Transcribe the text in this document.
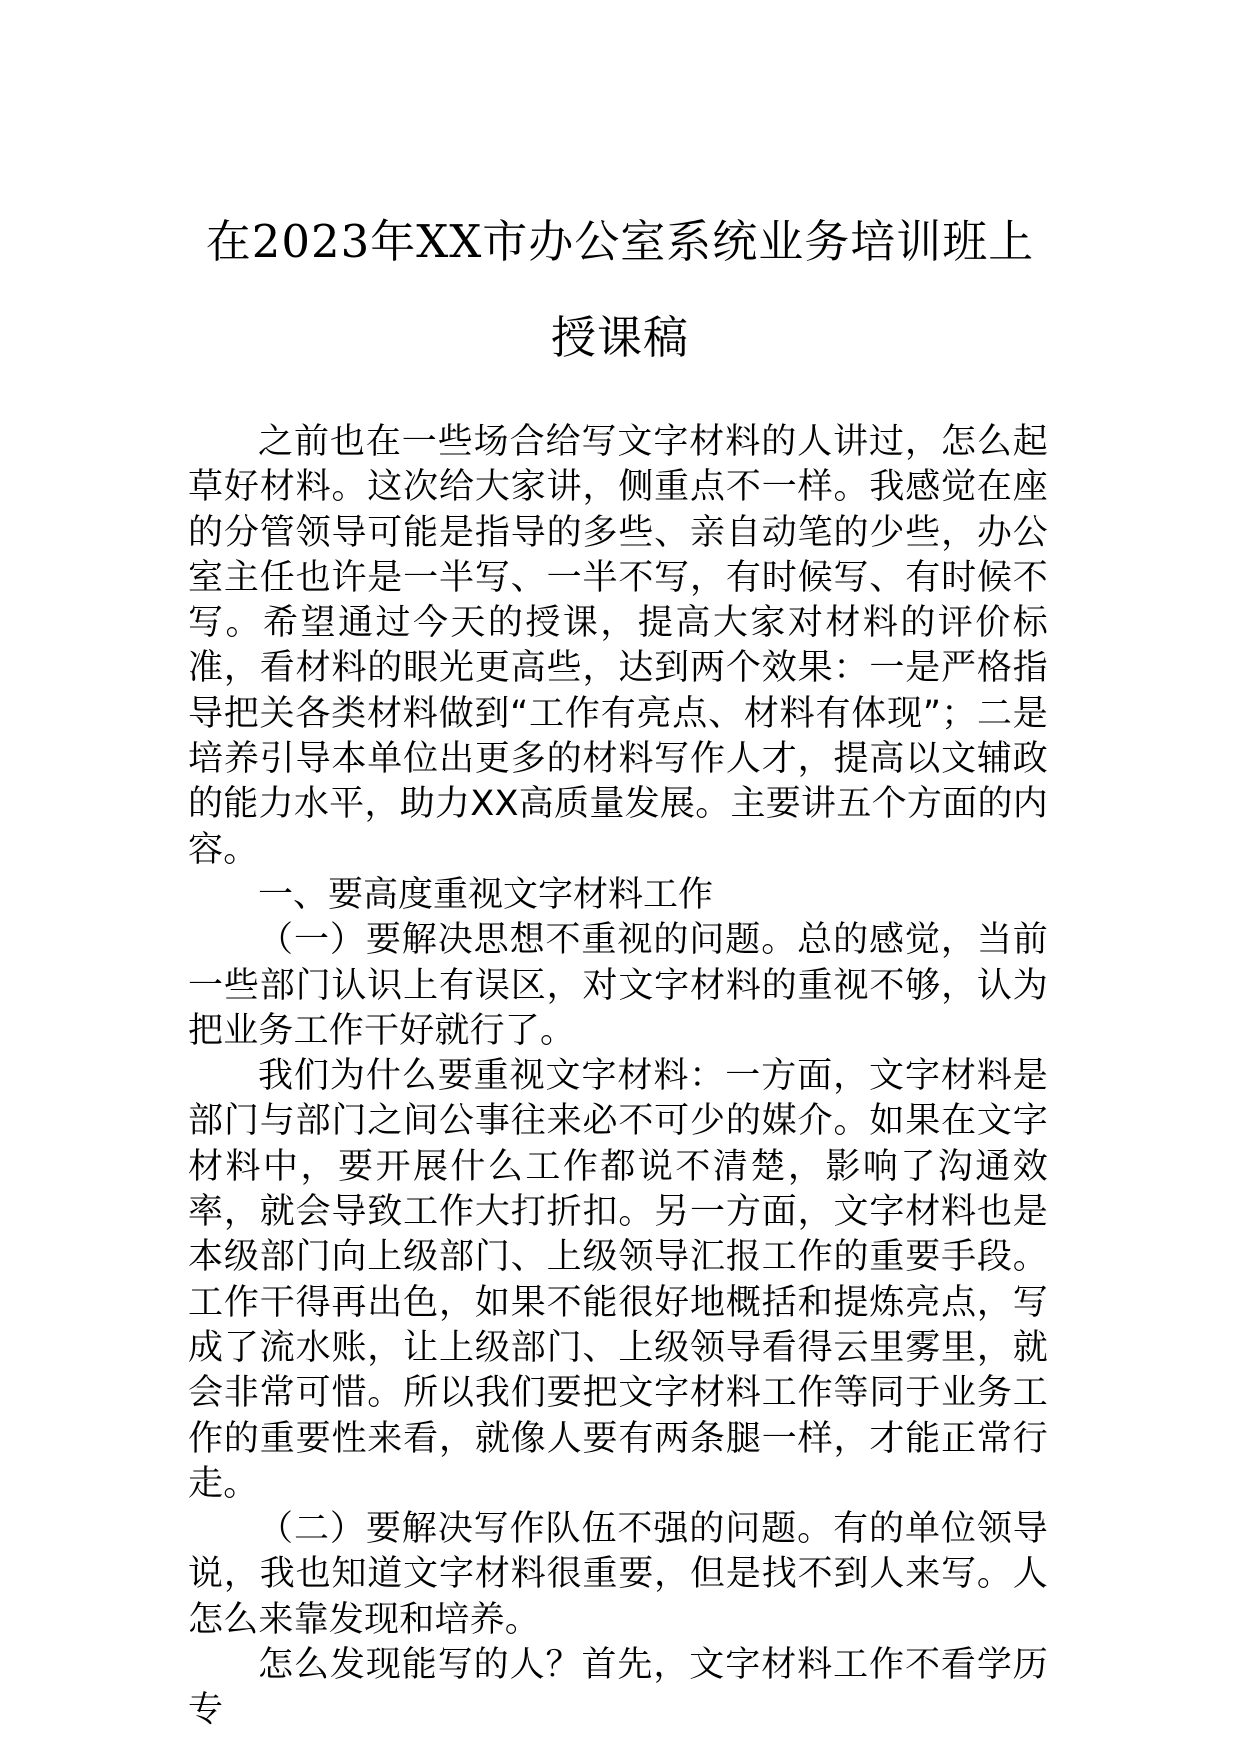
在2023年XX市办公室系统业务培训班上
授课稿

之前也在一些场合给写文字材料的人讲过，怎么起草好材料。这次给大家讲，侧重点不一样。我感觉在座的分管领导可能是指导的多些、亲自动笔的少些，办公室主任也许是一半写、一半不写，有时候写、有时候不写。希望通过今天的授课，提高大家对材料的评价标准，看材料的眼光更高些，达到两个效果：一是严格指导把关各类材料做到“工作有亮点、材料有体现”；二是培养引导本单位出更多的材料写作人才，提高以文辅政的能力水平，助力XX高质量发展。主要讲五个方面的内容。

一、要高度重视文字材料工作

（一）要解决思想不重视的问题。总的感觉，当前一些部门认识上有误区，对文字材料的重视不够，认为把业务工作干好就行了。

我们为什么要重视文字材料：一方面，文字材料是部门与部门之间公事往来必不可少的媒介。如果在文字材料中，要开展什么工作都说不清楚，影响了沟通效率，就会导致工作大打折扣。另一方面，文字材料也是本级部门向上级部门、上级领导汇报工作的重要手段。工作干得再出色，如果不能很好地概括和提炼亮点，写成了流水账，让上级部门、上级领导看得云里雾里，就会非常可惜。所以我们要把文字材料工作等同于业务工作的重要性来看，就像人要有两条腿一样，才能正常行走。

（二）要解决写作队伍不强的问题。有的单位领导说，我也知道文字材料很重要，但是找不到人来写。人怎么来靠发现和培养。

怎么发现能写的人？首先，文字材料工作不看学历专
